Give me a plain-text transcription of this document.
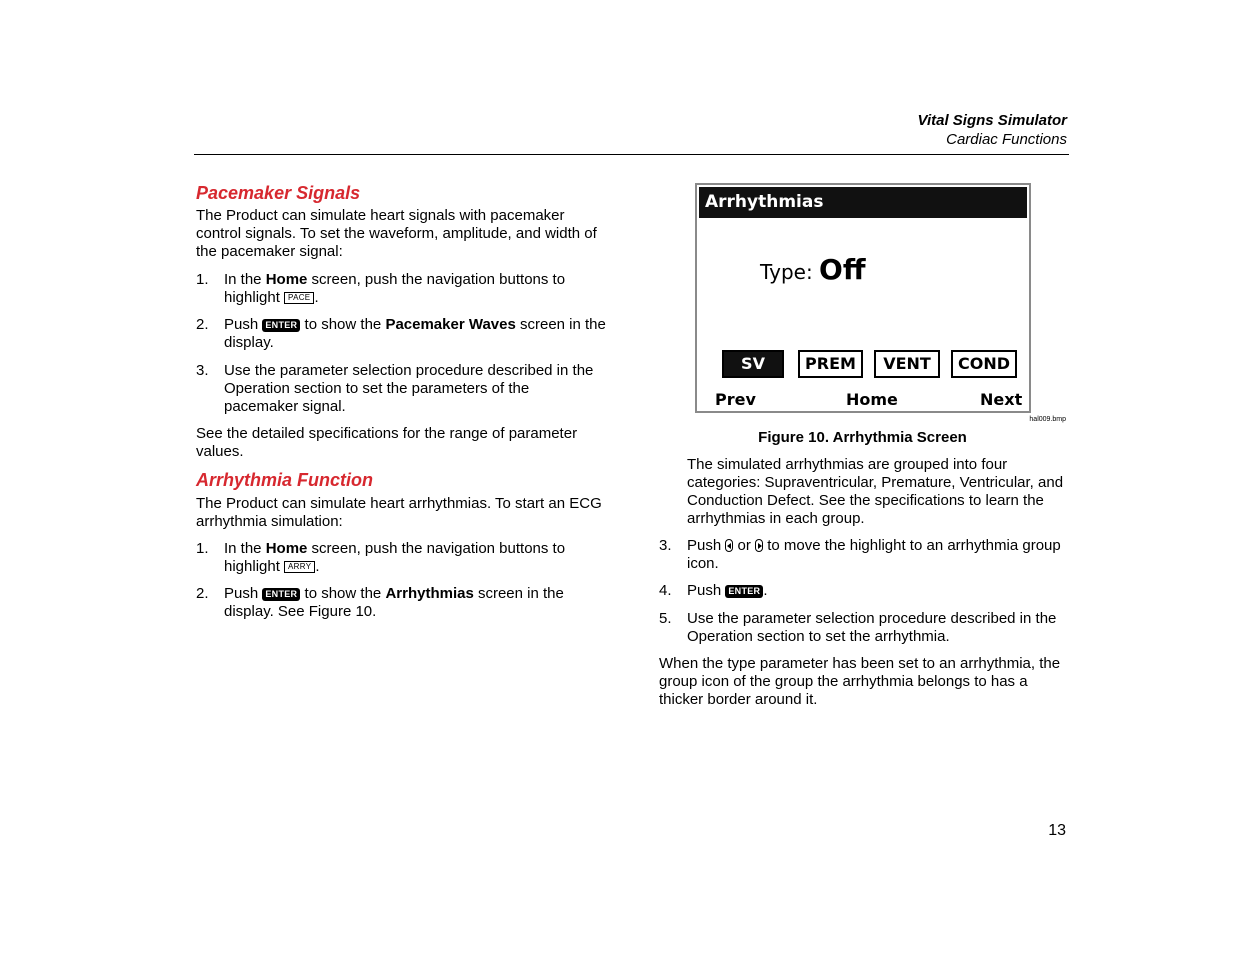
Vital Signs Simulator
Cardiac Functions
Pacemaker Signals
The Product can simulate heart signals with pacemaker control signals. To set the waveform, amplitude, and width of the pacemaker signal:
1. In the Home screen, push the navigation buttons to highlight PACE .
2. Push ENTER to show the Pacemaker Waves screen in the display.
3. Use the parameter selection procedure described in the Operation section to set the parameters of the pacemaker signal.
See the detailed specifications for the range of parameter values.
Arrhythmia Function
The Product can simulate heart arrhythmias. To start an ECG arrhythmia simulation:
1. In the Home screen, push the navigation buttons to highlight ARRY .
2. Push ENTER to show the Arrhythmias screen in the display. See Figure 10.
Arrhythmias
Type: Off
SV	PREM	VENT	COND
Prev	Home	Next
hal009.bmp
Figure 10. Arrhythmia Screen
The simulated arrhythmias are grouped into four categories: Supraventricular, Premature, Ventricular, and Conduction Defect. See the specifications to learn the arrhythmias in each group.
3. Push  or  to move the highlight to an arrhythmia group icon.
4. Push ENTER .
5. Use the parameter selection procedure described in the Operation section to set the arrhythmia.
When the type parameter has been set to an arrhythmia, the group icon of the group the arrhythmia belongs to has a thicker border around it.
13
